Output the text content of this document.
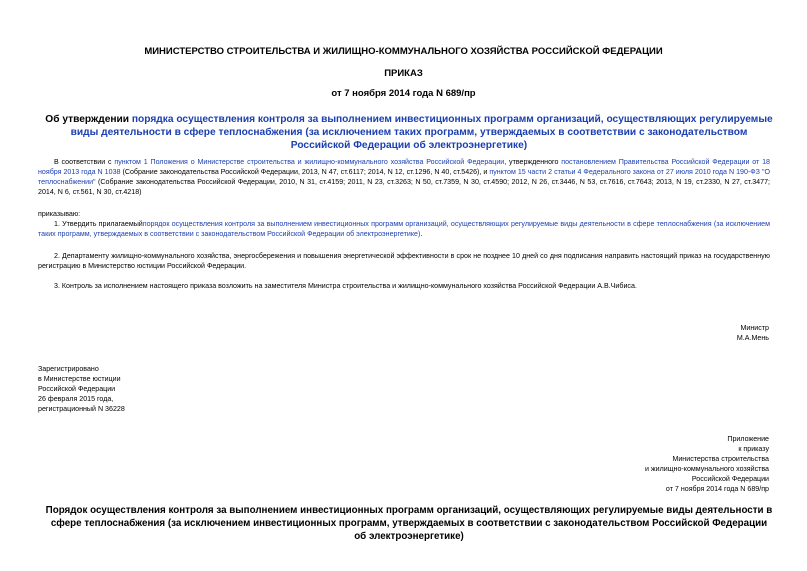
МИНИСТЕРСТВО СТРОИТЕЛЬСТВА И ЖИЛИЩНО-КОММУНАЛЬНОГО ХОЗЯЙСТВА РОССИЙСКОЙ ФЕДЕРАЦИИ
ПРИКАЗ
от 7 ноября 2014 года N 689/пр
Об утверждении порядка осуществления контроля за выполнением инвестиционных программ организаций, осуществляющих регулируемые виды деятельности в сфере теплоснабжения (за исключением таких программ, утверждаемых в соответствии с законодательством Российской Федерации об электроэнергетике)
В соответствии с пунктом 1 Положения о Министерстве строительства и жилищно-коммунального хозяйства Российской Федерации, утвержденного постановлением Правительства Российской Федерации от 18 ноября 2013 года N 1038 (Собрание законодательства Российской Федерации, 2013, N 47, ст.6117; 2014, N 12, ст.1296, N 40, ст.5426), и пунктом 15 части 2 статьи 4 Федерального закона от 27 июля 2010 года N 190-ФЗ "О теплоснабжении" (Собрание законодательства Российской Федерации, 2010, N 31, ст.4159; 2011, N 23, ст.3263; N 50, ст.7359, N 30, ст.4590; 2012, N 26, ст.3446, N 53, ст.7616, ст.7643; 2013, N 19, ст.2330, N 27, ст.3477; 2014, N 6, ст.561, N 30, ст.4218)
приказываю:
1. Утвердить прилагаемыйпорядок осуществления контроля за выполнением инвестиционных программ организаций, осуществляющих регулируемые виды деятельности в сфере теплоснабжения (за исключением таких программ, утверждаемых в соответствии с законодательством Российской Федерации об электроэнергетике).
2. Департаменту жилищно-коммунального хозяйства, энергосбережения и повышения энергетической эффективности в срок не позднее 10 дней со дня подписания направить настоящий приказ на государственную регистрацию в Министерство юстиции Российской Федерации.
3. Контроль за исполнением настоящего приказа возложить на заместителя Министра строительства и жилищно-коммунального хозяйства Российской Федерации А.В.Чибиса.
Министр
М.А.Мень
Зарегистрировано
в Министерстве юстиции
Российской Федерации
26 февраля 2015 года,
регистрационный N 36228
Приложение
к приказу
Министерства строительства
и жилищно-коммунального хозяйства
Российской Федерации
от 7 ноября 2014 года N 689/пр
Порядок осуществления контроля за выполнением инвестиционных программ организаций, осуществляющих регулируемые виды деятельности в сфере теплоснабжения (за исключением инвестиционных программ, утверждаемых в соответствии с законодательством Российской Федерации об электроэнергетике)
